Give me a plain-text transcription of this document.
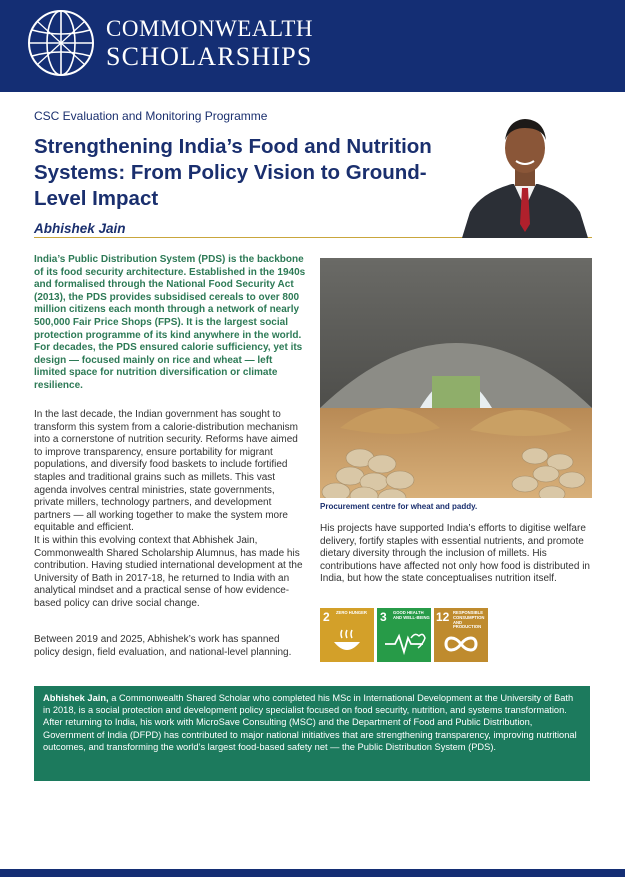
COMMONWEALTH
SCHOLARSHIPS
CSC Evaluation and Monitoring Programme
Strengthening India’s Food and Nutrition Systems: From Policy Vision to Ground-Level Impact
Abhishek Jain
India’s Public Distribution System (PDS) is the backbone of its food security architecture. Established in the 1940s and formalised through the National Food Security Act (2013), the PDS provides subsidised cereals to over 800 million citizens each month through a network of nearly 500,000 Fair Price Shops (FPS). It is the largest social protection programme of its kind anywhere in the world. For decades, the PDS ensured calorie sufficiency, yet its design — focused mainly on rice and wheat — left limited space for nutrition diversification or climate resilience.
In the last decade, the Indian government has sought to transform this system from a calorie-distribution mechanism into a cornerstone of nutrition security. Reforms have aimed to improve transparency, ensure portability for migrant populations, and diversify food baskets to include fortified staples and traditional grains such as millets. This vast agenda involves central ministries, state governments, private millers, technology partners, and development partners — all working together to make the system more equitable and efficient.
It is within this evolving context that Abhishek Jain, Commonwealth Shared Scholarship Alumnus, has made his contribution. Having studied international development at the University of Bath in 2017-18, he returned to India with an analytical mindset and a practical sense of how evidence-based policy can drive social change.
Between 2019 and 2025, Abhishek’s work has spanned policy design, field evaluation, and national-level planning.
Procurement centre for wheat and paddy.
His projects have supported India’s efforts to digitise welfare delivery, fortify staples with essential nutrients, and promote dietary diversity through the inclusion of millets. His contributions have affected not only how food is distributed in India, but how the state conceptualises nutrition itself.
2 ZERO HUNGER	3 GOOD HEALTH AND WELL-BEING 12 RESPONSIBLE CONSUMPTION AND PRODUCTION
Abhishek Jain, a Commonwealth Shared Scholar who completed his MSc in International Development at the University of Bath in 2018, is a social protection and development policy specialist focused on food security, nutrition, and systems transformation. After returning to India, his work with MicroSave Consulting (MSC) and the Department of Food and Public Distribution, Government of India (DFPD) has contributed to major national initiatives that are strengthening transparency, improving nutritional outcomes, and transforming the world’s largest food-based safety net — the Public Distribution System (PDS).
